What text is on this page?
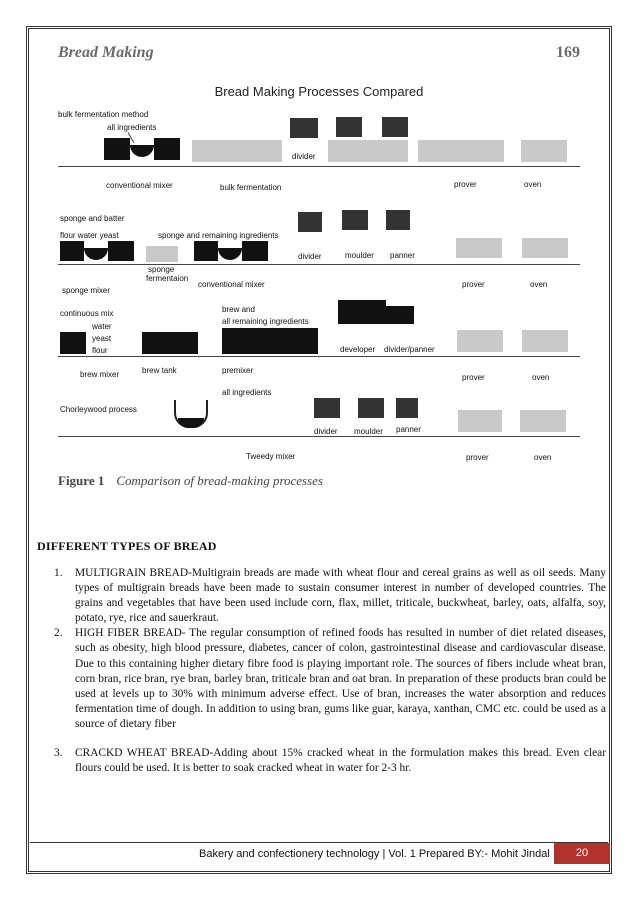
Bread Making	169
Bread Making Processes Compared
bulk fermentation method
all ingredients
divider
conventional mixer	bulk fermentation	prover	oven
sponge and batter
flour water yeast	sponge and remaining ingredients
divider	moulder panner
sponge
fermentaion
conventional mixer
sponge mixer
prover	oven
continuous mix	brew and
all remaining ingredients
water
yeast
flour	developer divider/panner
brew mixer	brew tank	premixer
prover	oven
all ingredients
Chorleywood process
divider moulder panner
Tweedy mixer	prover	oven
Figure 1 Comparison of bread-making processes
DIFFERENT TYPES OF BREAD
1. MULTIGRAIN BREAD-Multigrain breads are made with wheat flour and cereal grains as well as oil seeds. Many types of multigrain breads have been made to sustain consumer interest in number of developed countries. The grains and vegetables that have been used include corn, flax, millet, triticale, buckwheat, barley, oats, alfalfa, soy, potato, rye, rice and sauerkraut.
2. HIGH FIBER BREAD- The regular consumption of refined foods has resulted in number of diet related diseases, such as obesity, high blood pressure, diabetes, cancer of colon, gastrointestinal disease and cardiovascular disease. Due to this containing higher dietary fibre food is playing important role. The sources of fibers include wheat bran, corn bran, rice bran, rye bran, barley bran, triticale bran and oat bran. In preparation of these products bran could be used at levels up to 30% with minimum adverse effect. Use of bran, increases the water absorption and reduces fermentation time of dough. In addition to using bran, gums like guar, karaya, xanthan, CMC etc. could be used as a source of dietary fiber
3. CRACKD WHEAT BREAD-Adding about 15% cracked wheat in the formulation makes this bread. Even clear flours could be used. It is better to soak cracked wheat in water for 2-3 hr.
Bakery and confectionery technology | Vol. 1 Prepared BY:- Mohit Jindal	20
